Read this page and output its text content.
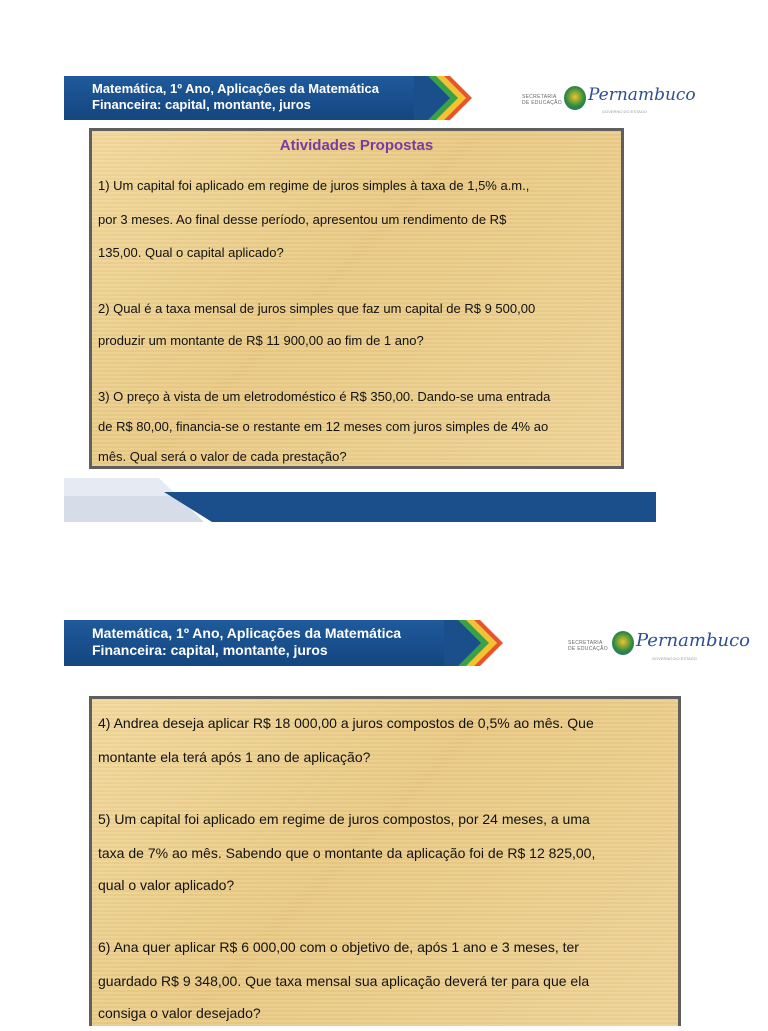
Matemática, 1º Ano, Aplicações da Matemática
Financeira: capital, montante, juros	SECRETARIA DE EDUCAÇÃO Pernambuco
GOVERNO DO ESTADO
Atividades Propostas
1) Um capital foi aplicado em regime de juros simples à taxa de 1,5% a.m.,
por 3 meses. Ao final desse período, apresentou um rendimento de R$
135,00. Qual o capital aplicado?
2) Qual é a taxa mensal de juros simples que faz um capital de R$ 9 500,00
produzir um montante de R$ 11 900,00 ao fim de 1 ano?
3) O preço à vista de um eletrodoméstico é R$ 350,00. Dando-se uma entrada
de R$ 80,00, financia-se o restante em 12 meses com juros simples de 4% ao
mês. Qual será o valor de cada prestação?
Matemática, 1º Ano, Aplicações da Matemática
Financeira: capital, montante, juros	SECRETARIA DE EDUCAÇÃO Pernambuco
GOVERNO DO ESTADO
4) Andrea deseja aplicar R$ 18 000,00 a juros compostos de 0,5% ao mês. Que
montante ela terá após 1 ano de aplicação?
5) Um capital foi aplicado em regime de juros compostos, por 24 meses, a uma
taxa de 7% ao mês. Sabendo que o montante da aplicação foi de R$ 12 825,00,
qual o valor aplicado?
6) Ana quer aplicar R$ 6 000,00 com o objetivo de, após 1 ano e 3 meses, ter
guardado R$ 9 348,00. Que taxa mensal sua aplicação deverá ter para que ela
consiga o valor desejado?
